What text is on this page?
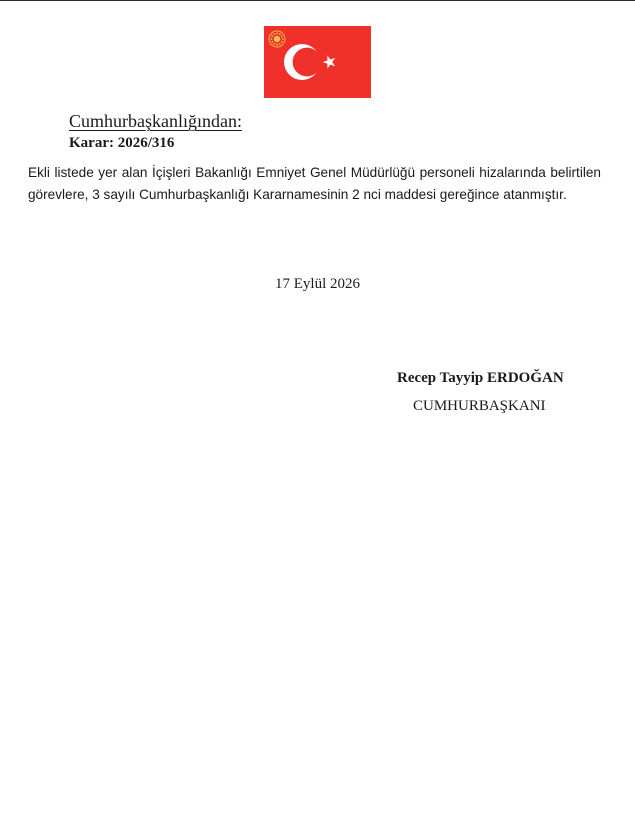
Cumhurbaşkanlığından:
Karar: 2026/316

Ekli listede yer alan İçişleri Bakanlığı Emniyet Genel Müdürlüğü personeli hizalarında belirtilen görevlere, 3 sayılı Cumhurbaşkanlığı Kararnamesinin 2 nci maddesi gereğince atanmıştır.

17 Eylül 2026
Recep Tayyip ERDOĞAN
CUMHURBAŞKANI
